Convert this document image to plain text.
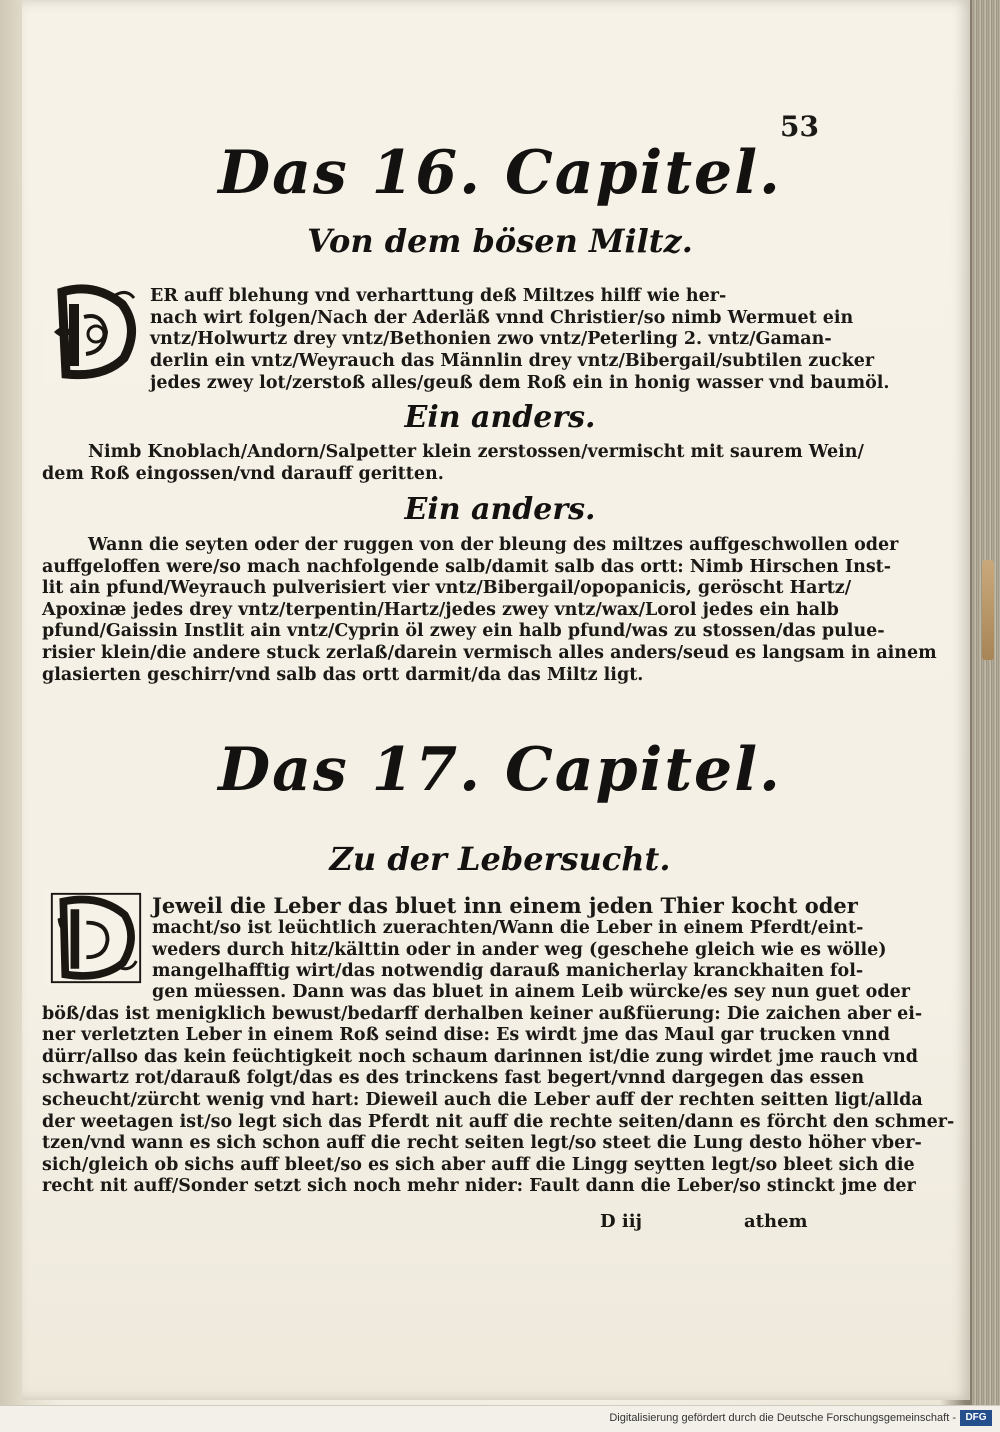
53
Das 16. Capitel.
Von dem bösen Miltz.
ER auff blehung vnd verharttung deß Miltzes hilff wie her-
nach wirt folgen/Nach der Aderläß vnnd Christier/so nimb Wermuet ein
vntz/Holwurtz drey vntz/Bethonien zwo vntz/Peterling 2. vntz/Gaman-
derlin ein vntz/Weyrauch das Männlin drey vntz/Bibergail/subtilen zucker
jedes zwey lot/zerstoß alles/geuß dem Roß ein in honig wasser vnd baumöl.
Ein anders.
Nimb Knoblach/Andorn/Salpetter klein zerstossen/vermischt mit saurem Wein/
dem Roß eingossen/vnd darauff geritten.
Ein anders.
Wann die seyten oder der ruggen von der bleung des miltzes auffgeschwollen oder
auffgeloffen were/so mach nachfolgende salb/damit salb das ortt: Nimb Hirschen Inst-
lit ain pfund/Weyrauch pulverisiert vier vntz/Bibergail/opopanicis, geröscht Hartz/
Apoxinæ jedes drey vntz/terpentin/Hartz/jedes zwey vntz/wax/Lorol jedes ein halb
pfund/Gaissin Instlit ain vntz/Cyprin öl zwey ein halb pfund/was zu stossen/das pulue-
risier klein/die andere stuck zerlaß/darein vermisch alles anders/seud es langsam in ainem
glasierten geschirr/vnd salb das ortt darmit/da das Miltz ligt.
Das 17. Capitel.
Zu der Lebersucht.
Jeweil die Leber das bluet inn einem jeden Thier kocht oder
macht/so ist leüchtlich zuerachten/Wann die Leber in einem Pferdt/eint-
weders durch hitz/kälttin oder in ander weg (geschehe gleich wie es wölle)
mangelhafftig wirt/das notwendig darauß manicherlay kranckhaiten fol-
gen müessen. Dann was das bluet in ainem Leib würcke/es sey nun guet oder
böß/das ist menigklich bewust/bedarff derhalben keiner außfüerung: Die zaichen aber ei-
ner verletzten Leber in einem Roß seind dise: Es wirdt jme das Maul gar trucken vnnd
dürr/allso das kein feüchtigkeit noch schaum darinnen ist/die zung wirdet jme rauch vnd
schwartz rot/darauß folgt/das es des trinckens fast begert/vnnd dargegen das essen
scheucht/zürcht wenig vnd hart: Dieweil auch die Leber auff der rechten seitten ligt/allda
der weetagen ist/so legt sich das Pferdt nit auff die rechte seiten/dann es förcht den schmer-
tzen/vnd wann es sich schon auff die recht seiten legt/so steet die Lung desto höher vber-
sich/gleich ob sichs auff bleet/so es sich aber auff die Lingg seytten legt/so bleet sich die
recht nit auff/Sonder setzt sich noch mehr nider: Fault dann die Leber/so stinckt jme der
D iij	athem
Digitalisierung gefördert durch die Deutsche Forschungsgemeinschaft - DFG
